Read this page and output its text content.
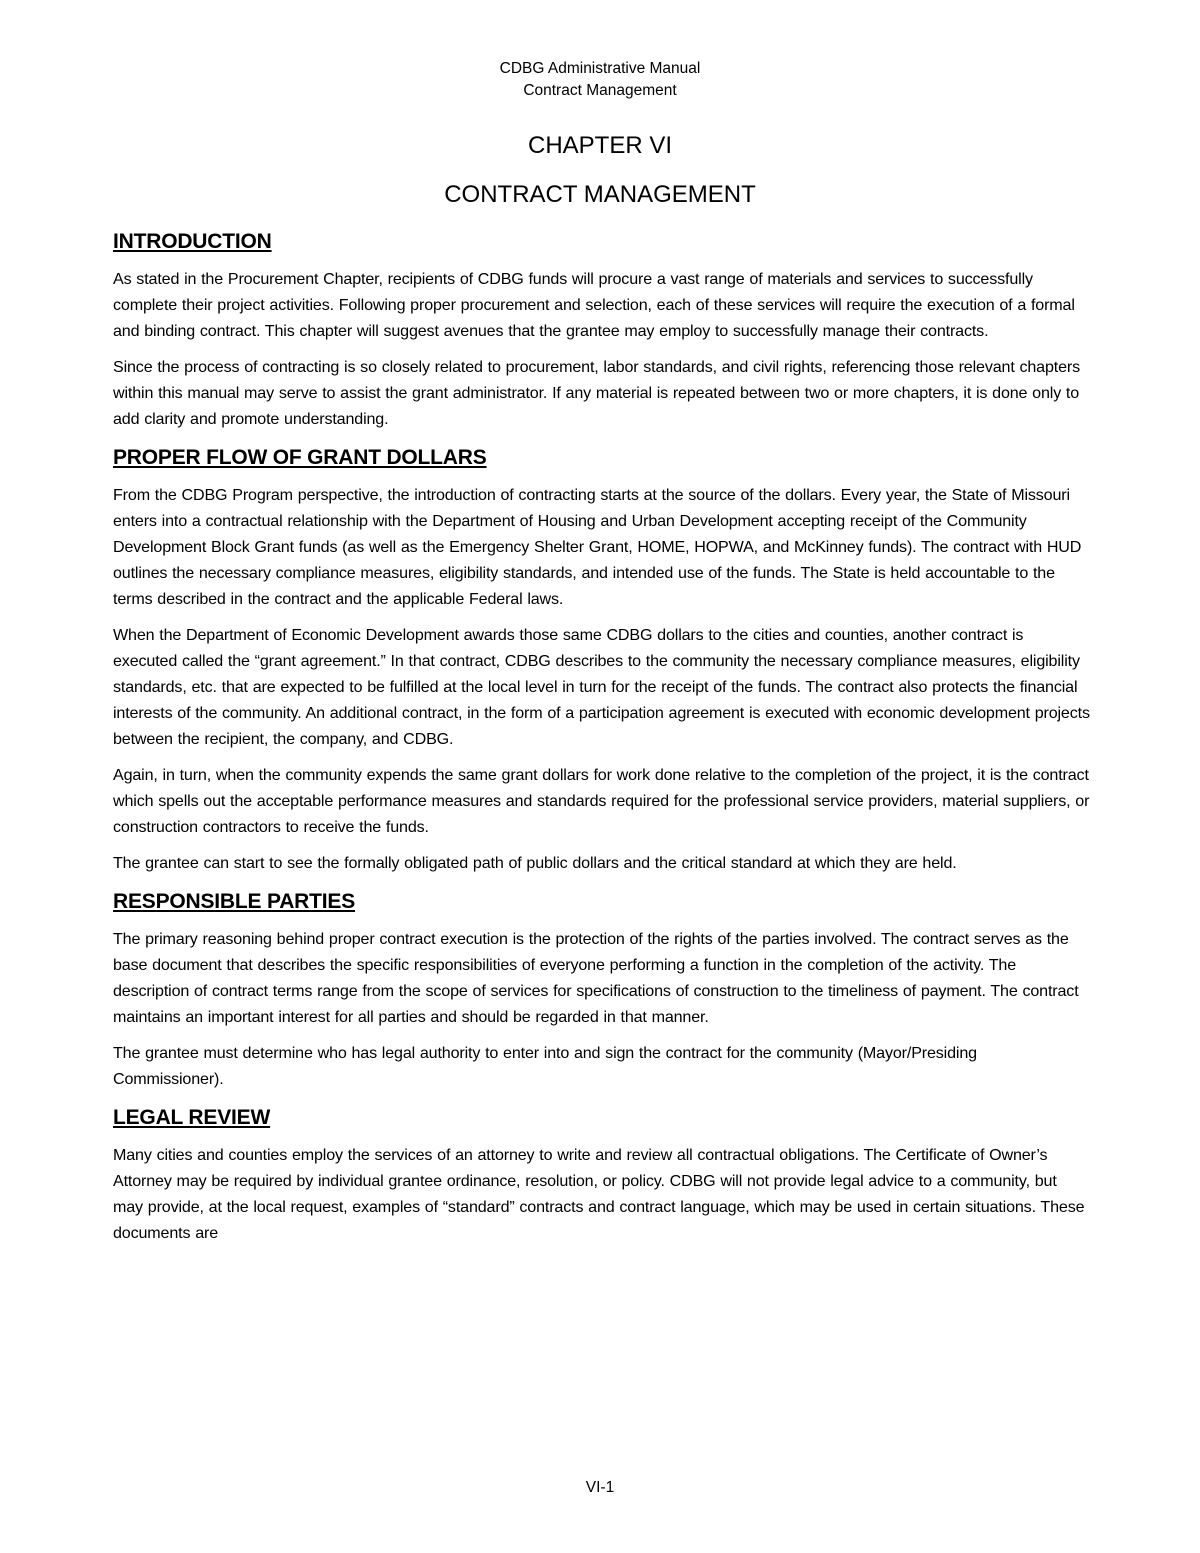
CDBG Administrative Manual
Contract Management
CHAPTER VI
CONTRACT MANAGEMENT
INTRODUCTION

As stated in the Procurement Chapter, recipients of CDBG funds will procure a vast range of materials and services to successfully complete their project activities. Following proper procurement and selection, each of these services will require the execution of a formal and binding contract. This chapter will suggest avenues that the grantee may employ to successfully manage their contracts.

Since the process of contracting is so closely related to procurement, labor standards, and civil rights, referencing those relevant chapters within this manual may serve to assist the grant administrator. If any material is repeated between two or more chapters, it is done only to add clarity and promote understanding.

PROPER FLOW OF GRANT DOLLARS

From the CDBG Program perspective, the introduction of contracting starts at the source of the dollars. Every year, the State of Missouri enters into a contractual relationship with the Department of Housing and Urban Development accepting receipt of the Community Development Block Grant funds (as well as the Emergency Shelter Grant, HOME, HOPWA, and McKinney funds). The contract with HUD outlines the necessary compliance measures, eligibility standards, and intended use of the funds. The State is held accountable to the terms described in the contract and the applicable Federal laws.

When the Department of Economic Development awards those same CDBG dollars to the cities and counties, another contract is executed called the “grant agreement.” In that contract, CDBG describes to the community the necessary compliance measures, eligibility standards, etc. that are expected to be fulfilled at the local level in turn for the receipt of the funds. The contract also protects the financial interests of the community. An additional contract, in the form of a participation agreement is executed with economic development projects between the recipient, the company, and CDBG.

Again, in turn, when the community expends the same grant dollars for work done relative to the completion of the project, it is the contract which spells out the acceptable performance measures and standards required for the professional service providers, material suppliers, or construction contractors to receive the funds.

The grantee can start to see the formally obligated path of public dollars and the critical standard at which they are held.

RESPONSIBLE PARTIES

The primary reasoning behind proper contract execution is the protection of the rights of the parties involved. The contract serves as the base document that describes the specific responsibilities of everyone performing a function in the completion of the activity. The description of contract terms range from the scope of services for specifications of construction to the timeliness of payment. The contract maintains an important interest for all parties and should be regarded in that manner.

The grantee must determine who has legal authority to enter into and sign the contract for the community (Mayor/Presiding Commissioner).

LEGAL REVIEW

Many cities and counties employ the services of an attorney to write and review all contractual obligations. The Certificate of Owner’s Attorney may be required by individual grantee ordinance, resolution, or policy. CDBG will not provide legal advice to a community, but may provide, at the local request, examples of “standard” contracts and contract language, which may be used in certain situations. These documents are

VI-1
